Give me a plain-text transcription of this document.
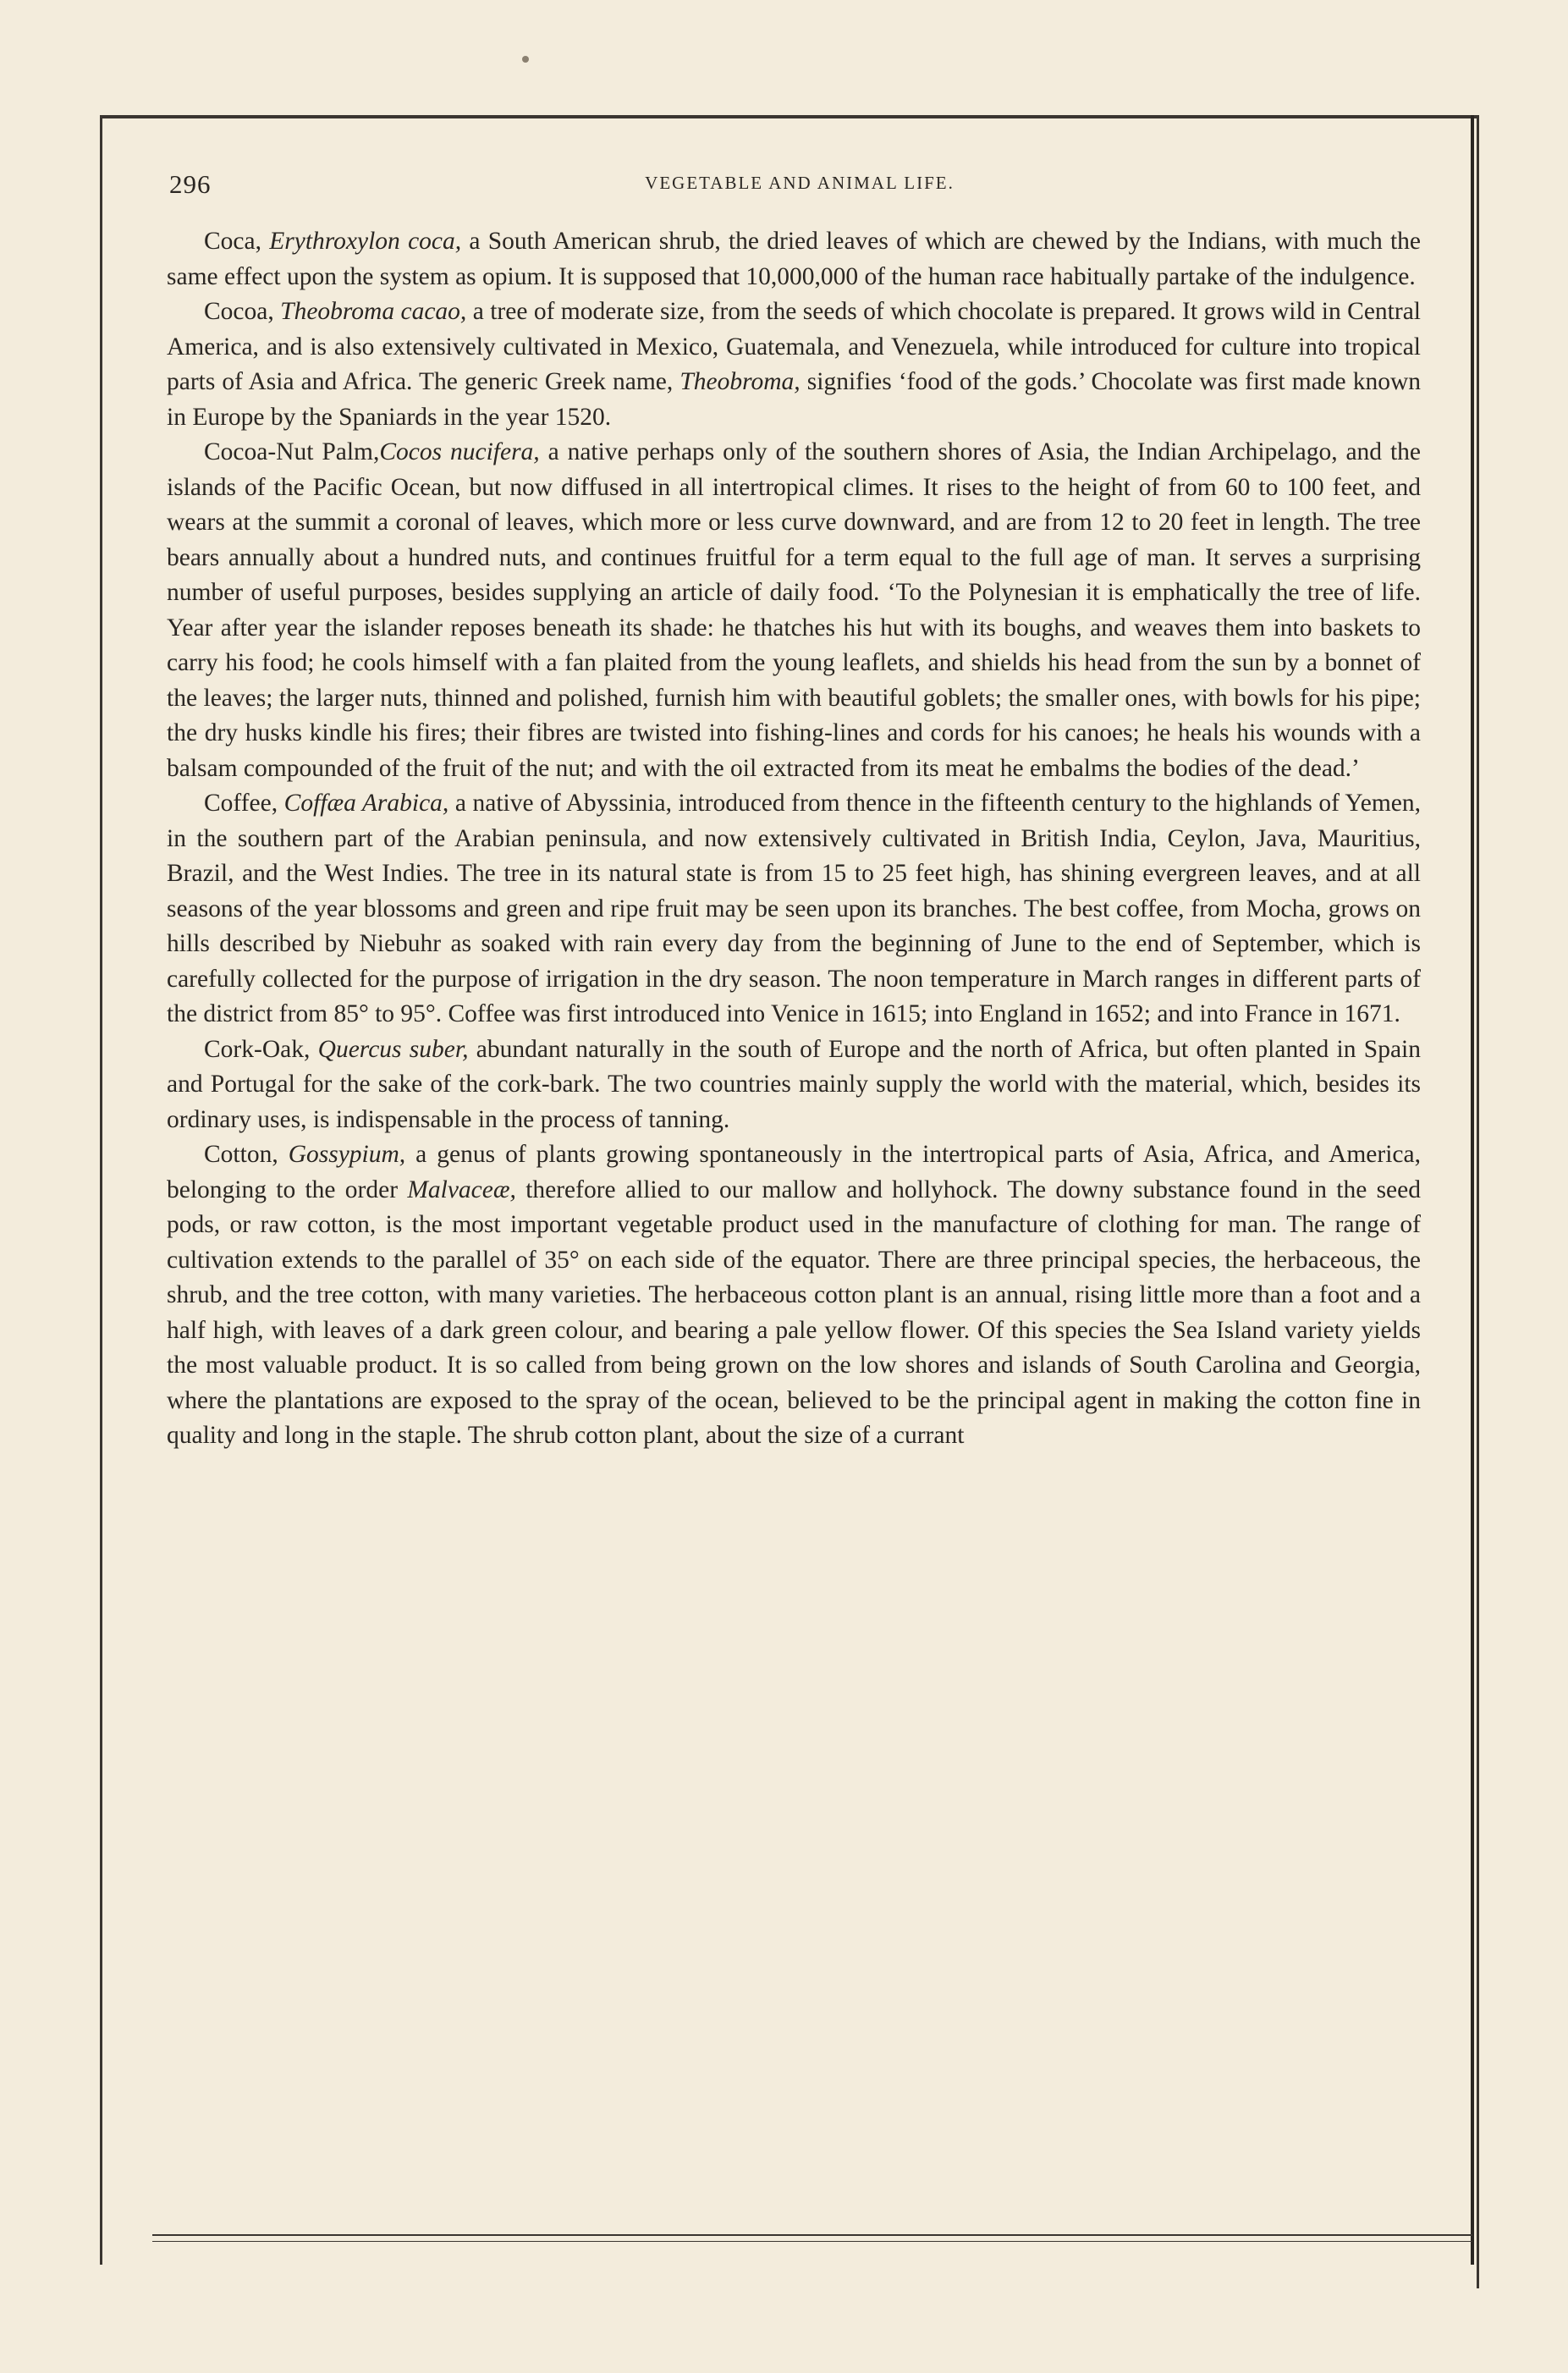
296	VEGETABLE AND ANIMAL LIFE.

Coca, Erythroxylon coca, a South American shrub, the dried leaves of which are chewed by the Indians, with much the same effect upon the system as opium. It is supposed that 10,000,000 of the human race habitually partake of the indulgence.

Cocoa, Theobroma cacao, a tree of moderate size, from the seeds of which chocolate is prepared. It grows wild in Central America, and is also extensively cultivated in Mexico, Guatemala, and Venezuela, while introduced for culture into tropical parts of Asia and Africa. The generic Greek name, Theobroma, signifies ‘food of the gods.’ Chocolate was first made known in Europe by the Spaniards in the year 1520.

Cocoa-Nut Palm,Cocos nucifera, a native perhaps only of the southern shores of Asia, the Indian Archipelago, and the islands of the Pacific Ocean, but now diffused in all intertropical climes. It rises to the height of from 60 to 100 feet, and wears at the summit a coronal of leaves, which more or less curve downward, and are from 12 to 20 feet in length. The tree bears annually about a hundred nuts, and continues fruitful for a term equal to the full age of man. It serves a surprising number of useful purposes, besides supplying an article of daily food. ‘To the Polynesian it is emphatically the tree of life. Year after year the islander reposes beneath its shade: he thatches his hut with its boughs, and weaves them into baskets to carry his food; he cools himself with a fan plaited from the young leaflets, and shields his head from the sun by a bonnet of the leaves; the larger nuts, thinned and polished, furnish him with beautiful goblets; the smaller ones, with bowls for his pipe; the dry husks kindle his fires; their fibres are twisted into fishing-lines and cords for his canoes; he heals his wounds with a balsam compounded of the fruit of the nut; and with the oil extracted from its meat he embalms the bodies of the dead.’

Coffee, Coffæa Arabica, a native of Abyssinia, introduced from thence in the fifteenth century to the highlands of Yemen, in the southern part of the Arabian peninsula, and now extensively cultivated in British India, Ceylon, Java, Mauritius, Brazil, and the West Indies. The tree in its natural state is from 15 to 25 feet high, has shining evergreen leaves, and at all seasons of the year blossoms and green and ripe fruit may be seen upon its branches. The best coffee, from Mocha, grows on hills described by Niebuhr as soaked with rain every day from the beginning of June to the end of September, which is carefully collected for the purpose of irrigation in the dry season. The noon temperature in March ranges in different parts of the district from 85° to 95°. Coffee was first introduced into Venice in 1615; into England in 1652; and into France in 1671.

Cork-Oak, Quercus suber, abundant naturally in the south of Europe and the north of Africa, but often planted in Spain and Portugal for the sake of the cork-bark. The two countries mainly supply the world with the material, which, besides its ordinary uses, is indispensable in the process of tanning.

Cotton, Gossypium, a genus of plants growing spontaneously in the intertropical parts of Asia, Africa, and America, belonging to the order Malvaceæ, therefore allied to our mallow and hollyhock. The downy substance found in the seed pods, or raw cotton, is the most important vegetable product used in the manufacture of clothing for man. The range of cultivation extends to the parallel of 35° on each side of the equator. There are three principal species, the herbaceous, the shrub, and the tree cotton, with many varieties. The herbaceous cotton plant is an annual, rising little more than a foot and a half high, with leaves of a dark green colour, and bearing a pale yellow flower. Of this species the Sea Island variety yields the most valuable product. It is so called from being grown on the low shores and islands of South Carolina and Georgia, where the plantations are exposed to the spray of the ocean, believed to be the principal agent in making the cotton fine in quality and long in the staple. The shrub cotton plant, about the size of a currant
